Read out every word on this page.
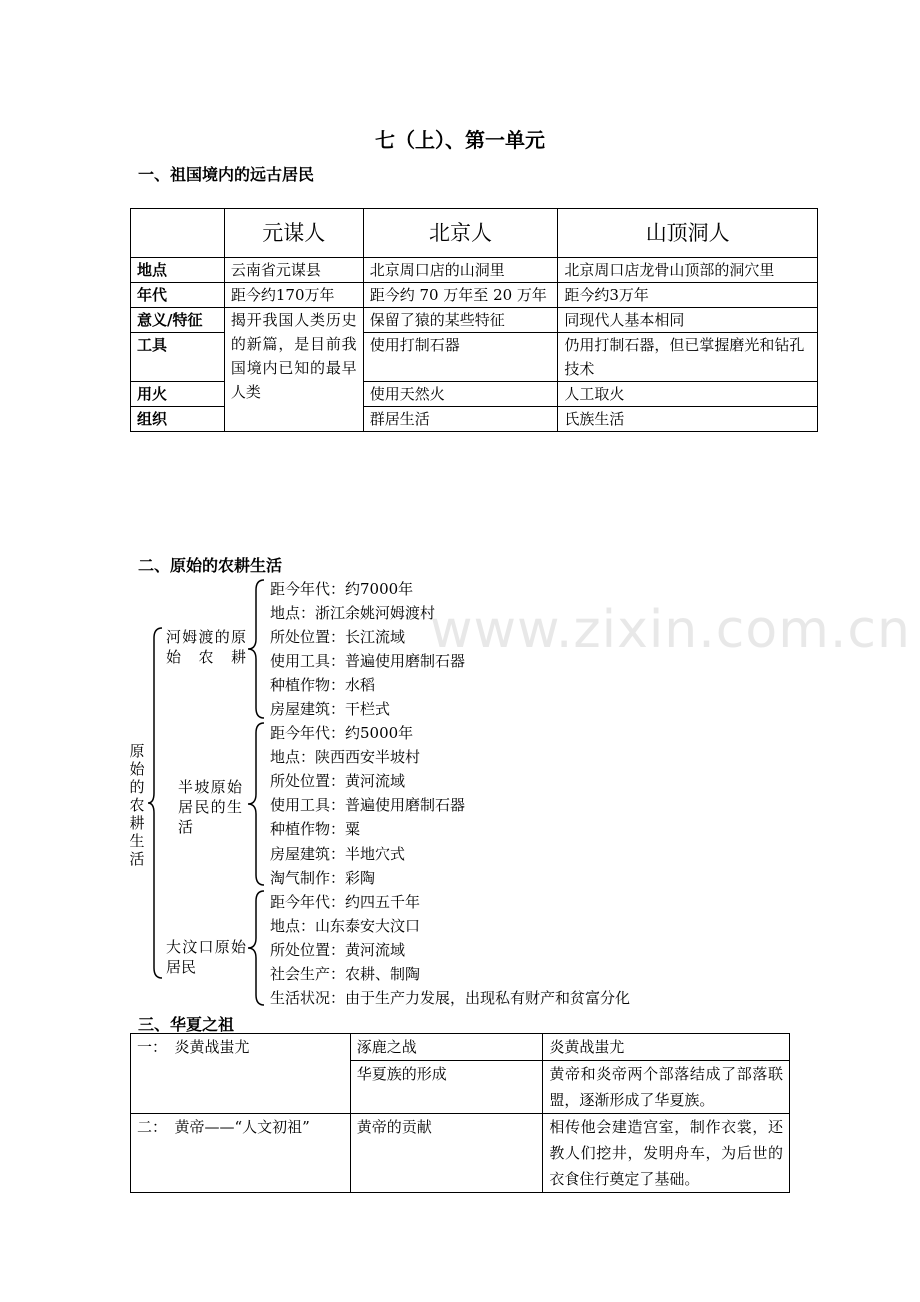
www.zixin.com.cn
七（上）、第一单元
一、祖国境内的远古居民
	元谋人	北京人	山顶洞人
地点	云南省元谋县	北京周口店的山洞里	北京周口店龙骨山顶部的洞穴里
年代	距今约170万年	距今约 70 万年至 20 万年	距今约3万年
意义/特征	揭开我国人类历史的新篇，是目前我国境内已知的最早人类	保留了猿的某些特征	同现代人基本相同
工具		使用打制石器	仍用打制石器，但已掌握磨光和钻孔技术
用火		使用天然火	人工取火
组织		群居生活	氏族生活
二、原始的农耕生活
原始的农耕生活
河姆渡的原始农耕
半坡原始居民的生活
大汶口原始居民
距今年代：约7000年
地点：浙江余姚河姆渡村
所处位置：长江流域
使用工具：普遍使用磨制石器
种植作物：水稻
房屋建筑：干栏式
距今年代：约5000年
地点：陕西西安半坡村
所处位置：黄河流域
使用工具：普遍使用磨制石器
种植作物：粟
房屋建筑：半地穴式
淘气制作：彩陶
距今年代：约四五千年
地点：山东泰安大汶口
所处位置：黄河流域
社会生产：农耕、制陶
生活状况：由于生产力发展，出现私有财产和贫富分化
三、华夏之祖
一：　炎黄战蚩尤	涿鹿之战	炎黄战蚩尤
	华夏族的形成	黄帝和炎帝两个部落结成了部落联盟，逐渐形成了华夏族。
二：　黄帝——“人文初祖”	黄帝的贡献	相传他会建造宫室，制作衣裳，还教人们挖井，发明舟车，为后世的衣食住行奠定了基础。
